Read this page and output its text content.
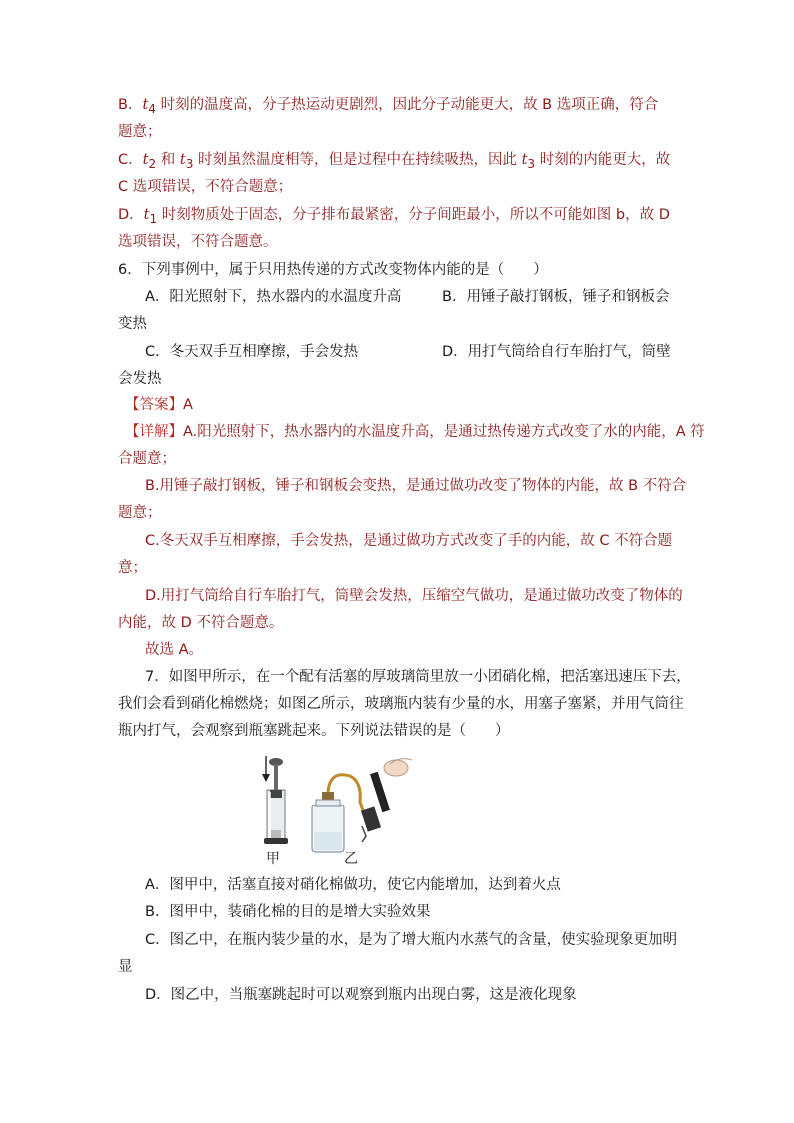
B．$t_4$ 时刻的温度高，分子热运动更剧烈，因此分子动能更大，故 B 选项正确，符合

题意；

C．$t_2$ 和 $t_3$ 时刻虽然温度相等，但是过程中在持续吸热，因此 $t_3$ 时刻的内能更大，故

C 选项错误，不符合题意；

D．$t_1$ 时刻物质处于固态，分子排布最紧密，分子间距最小，所以不可能如图 b，故 D

选项错误，不符合题意。

6．下列事例中，属于只用热传递的方式改变物体内能的是（　　）

A．阳光照射下，热水器内的水温度升高	B．用锤子敲打钢板，锤子和钢板会

变热

C．冬天双手互相摩擦，手会发热	D．用打气筒给自行车胎打气，筒壁

会发热

【答案】A

【详解】A.阳光照射下，热水器内的水温度升高，是通过热传递方式改变了水的内能，A 符

合题意；

B.用锤子敲打钢板，锤子和钢板会变热，是通过做功改变了物体的内能，故 B 不符合

题意；

C.冬天双手互相摩擦，手会发热，是通过做功方式改变了手的内能，故 C 不符合题

意；

D.用打气筒给自行车胎打气，筒壁会发热，压缩空气做功，是通过做功改变了物体的

内能，故 D 不符合题意。

故选 A。

7．如图甲所示，在一个配有活塞的厚玻璃筒里放一小团硝化棉，把活塞迅速压下去，

我们会看到硝化棉燃烧；如图乙所示，玻璃瓶内装有少量的水，用塞子塞紧，并用气筒往

瓶内打气，会观察到瓶塞跳起来。下列说法错误的是（　　）

甲	乙

A．图甲中，活塞直接对硝化棉做功，使它内能增加，达到着火点

B．图甲中，装硝化棉的目的是增大实验效果

C．图乙中，在瓶内装少量的水，是为了增大瓶内水蒸气的含量，使实验现象更加明

显

D．图乙中，当瓶塞跳起时可以观察到瓶内出现白雾，这是液化现象
